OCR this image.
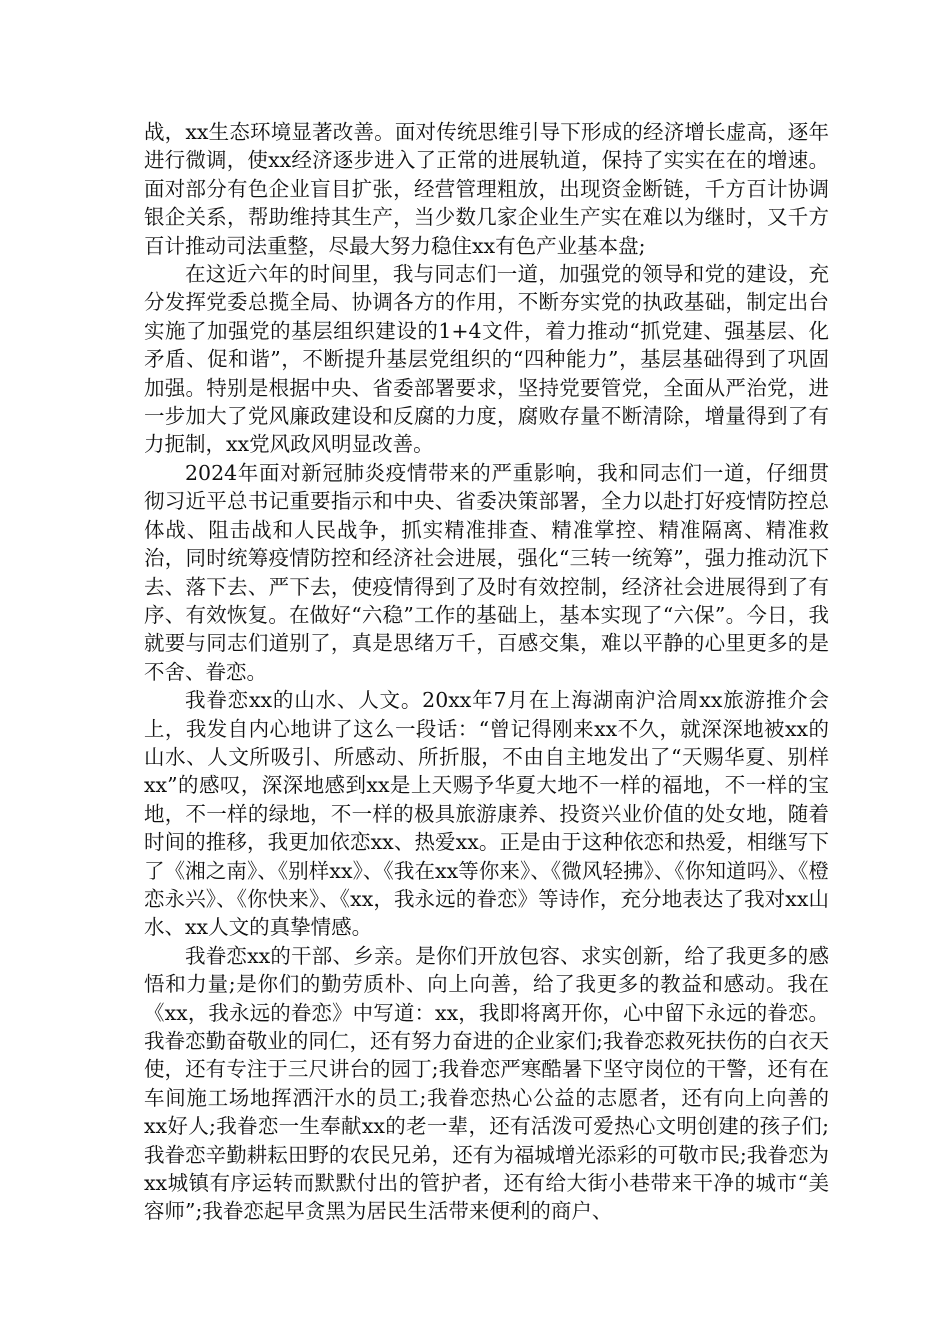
战，xx生态环境显著改善。面对传统思维引导下形成的经济增长虚高，逐年进行微调，使xx经济逐步进入了正常的进展轨道，保持了实实在在的增速。面对部分有色企业盲目扩张，经营管理粗放，出现资金断链，千方百计协调银企关系，帮助维持其生产，当少数几家企业生产实在难以为继时，又千方百计推动司法重整，尽最大努力稳住xx有色产业基本盘;

在这近六年的时间里，我与同志们一道，加强党的领导和党的建设，充分发挥党委总揽全局、协调各方的作用，不断夯实党的执政基础，制定出台实施了加强党的基层组织建设的1+4文件，着力推动“抓党建、强基层、化矛盾、促和谐”，不断提升基层党组织的“四种能力”，基层基础得到了巩固加强。特别是根据中央、省委部署要求，坚持党要管党，全面从严治党，进一步加大了党风廉政建设和反腐的力度，腐败存量不断清除，增量得到了有力扼制，xx党风政风明显改善。

2024年面对新冠肺炎疫情带来的严重影响，我和同志们一道，仔细贯彻习近平总书记重要指示和中央、省委决策部署，全力以赴打好疫情防控总体战、阻击战和人民战争，抓实精准排查、精准掌控、精准隔离、精准救治，同时统筹疫情防控和经济社会进展，强化“三转一统筹”，强力推动沉下去、落下去、严下去，使疫情得到了及时有效控制，经济社会进展得到了有序、有效恢复。在做好“六稳”工作的基础上，基本实现了“六保”。今日，我就要与同志们道别了，真是思绪万千，百感交集，难以平静的心里更多的是不舍、眷恋。

我眷恋xx的山水、人文。20xx年7月在上海湖南沪洽周xx旅游推介会上，我发自内心地讲了这么一段话：“曾记得刚来xx不久，就深深地被xx的山水、人文所吸引、所感动、所折服，不由自主地发出了“天赐华夏、别样xx”的感叹，深深地感到xx是上天赐予华夏大地不一样的福地，不一样的宝地，不一样的绿地，不一样的极具旅游康养、投资兴业价值的处女地，随着时间的推移，我更加依恋xx、热爱xx。正是由于这种依恋和热爱，相继写下了《湘之南》、《别样xx》、《我在xx等你来》、《微风轻拂》、《你知道吗》、《橙恋永兴》、《你快来》、《xx，我永远的眷恋》等诗作，充分地表达了我对xx山水、xx人文的真挚情感。

我眷恋xx的干部、乡亲。是你们开放包容、求实创新，给了我更多的感悟和力量;是你们的勤劳质朴、向上向善，给了我更多的教益和感动。我在《xx，我永远的眷恋》中写道：xx，我即将离开你，心中留下永远的眷恋。我眷恋勤奋敬业的同仁，还有努力奋进的企业家们;我眷恋救死扶伤的白衣天使，还有专注于三尺讲台的园丁;我眷恋严寒酷暑下坚守岗位的干警，还有在车间施工场地挥洒汗水的员工;我眷恋热心公益的志愿者，还有向上向善的xx好人;我眷恋一生奉献xx的老一辈，还有活泼可爱热心文明创建的孩子们;我眷恋辛勤耕耘田野的农民兄弟，还有为福城增光添彩的可敬市民;我眷恋为xx城镇有序运转而默默付出的管护者，还有给大街小巷带来干净的城市“美容师”;我眷恋起早贪黑为居民生活带来便利的商户、
